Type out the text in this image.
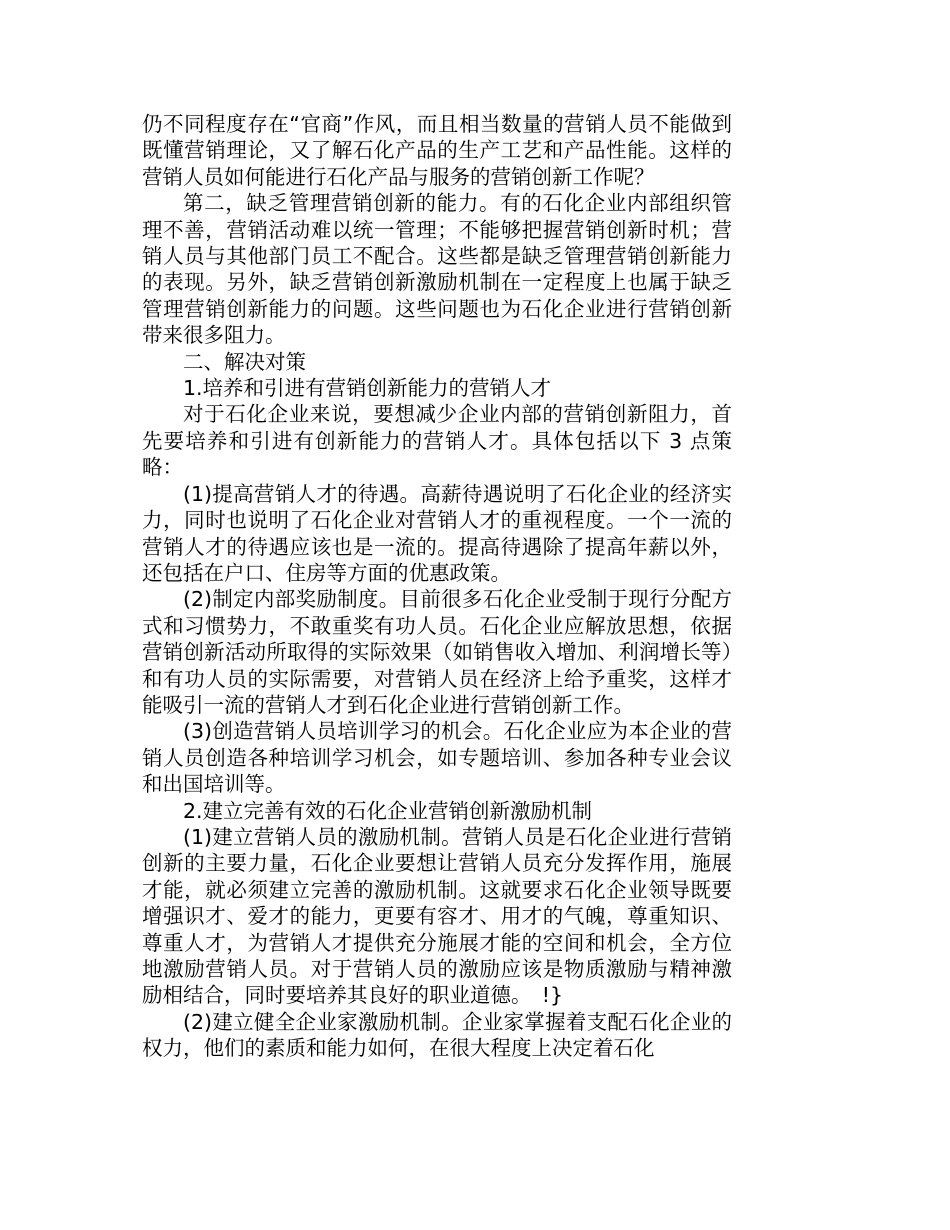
仍不同程度存在“官商”作风，而且相当数量的营销人员不能做到既懂营销理论，又了解石化产品的生产工艺和产品性能。这样的营销人员如何能进行石化产品与服务的营销创新工作呢？

第二，缺乏管理营销创新的能力。有的石化企业内部组织管理不善，营销活动难以统一管理；不能够把握营销创新时机；营销人员与其他部门员工不配合。这些都是缺乏管理营销创新能力的表现。另外，缺乏营销创新激励机制在一定程度上也属于缺乏管理营销创新能力的问题。这些问题也为石化企业进行营销创新带来很多阻力。

二、解决对策

1.培养和引进有营销创新能力的营销人才

对于石化企业来说，要想减少企业内部的营销创新阻力，首先要培养和引进有创新能力的营销人才。具体包括以下 3 点策略：

(1)提高营销人才的待遇。高薪待遇说明了石化企业的经济实力，同时也说明了石化企业对营销人才的重视程度。一个一流的营销人才的待遇应该也是一流的。提高待遇除了提高年薪以外，还包括在户口、住房等方面的优惠政策。

(2)制定内部奖励制度。目前很多石化企业受制于现行分配方式和习惯势力，不敢重奖有功人员。石化企业应解放思想，依据营销创新活动所取得的实际效果（如销售收入增加、利润增长等）和有功人员的实际需要，对营销人员在经济上给予重奖，这样才能吸引一流的营销人才到石化企业进行营销创新工作。

(3)创造营销人员培训学习的机会。石化企业应为本企业的营销人员创造各种培训学习机会，如专题培训、参加各种专业会议和出国培训等。

2.建立完善有效的石化企业营销创新激励机制

(1)建立营销人员的激励机制。营销人员是石化企业进行营销创新的主要力量，石化企业要想让营销人员充分发挥作用，施展才能，就必须建立完善的激励机制。这就要求石化企业领导既要增强识才、爱才的能力，更要有容才、用才的气魄，尊重知识、尊重人才，为营销人才提供充分施展才能的空间和机会，全方位地激励营销人员。对于营销人员的激励应该是物质激励与精神激励相结合，同时要培养其良好的职业道德。　!}

(2)建立健全企业家激励机制。企业家掌握着支配石化企业的权力，他们的素质和能力如何，在很大程度上决定着石化
